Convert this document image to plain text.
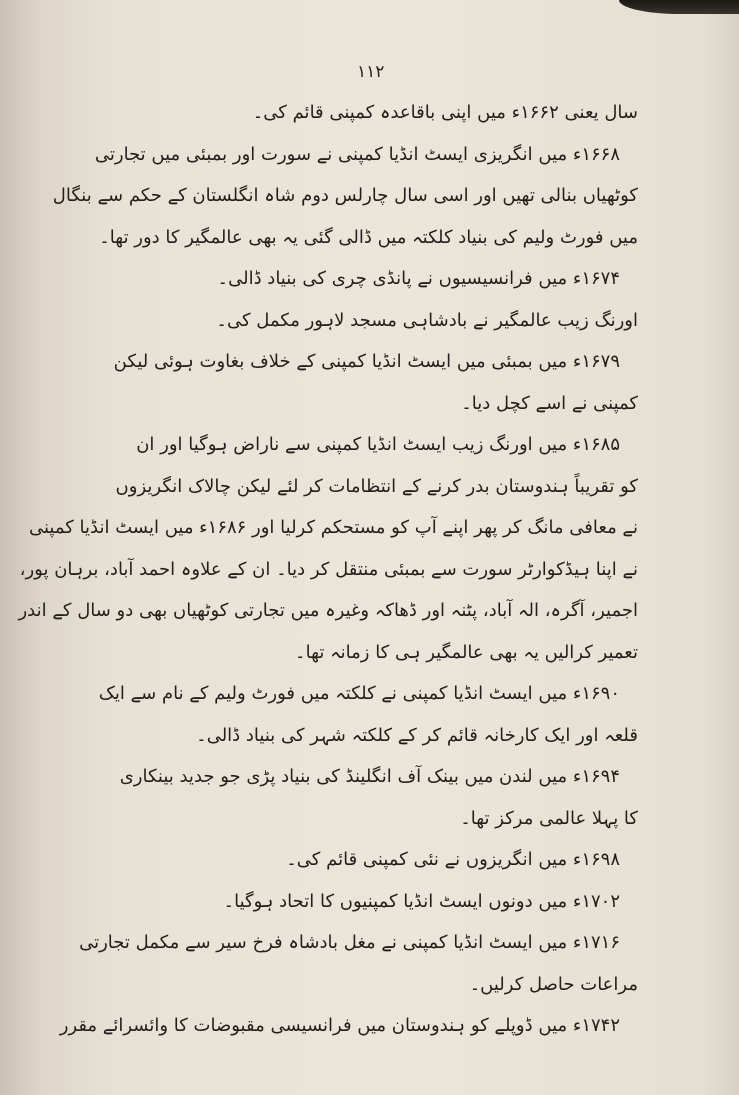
۱۱۲
سال یعنی ۱۶۶۲ء میں اپنی باقاعدہ کمپنی قائم کی۔
۱۶۶۸ء میں انگریزی ایسٹ انڈیا کمپنی نے سورت اور بمبئی میں تجارتی
کوٹھیاں بنالی تھیں اور اسی سال چارلس دوم شاہ انگلستان کے حکم سے بنگال
میں فورٹ ولیم کی بنیاد کلکتہ میں ڈالی گئی یہ بھی عالمگیر کا دور تھا۔
۱۶۷۴ء میں فرانسیسیوں نے پانڈی چری کی بنیاد ڈالی۔
اورنگ زیب عالمگیر نے بادشاہی مسجد لاہور مکمل کی۔
۱۶۷۹ء میں بمبئی میں ایسٹ انڈیا کمپنی کے خلاف بغاوت ہوئی لیکن
کمپنی نے اسے کچل دیا۔
۱۶۸۵ء میں اورنگ زیب ایسٹ انڈیا کمپنی سے ناراض ہوگیا اور ان
کو تقریباً ہندوستان بدر کرنے کے انتظامات کر لئے لیکن چالاک انگریزوں
نے معافی مانگ کر پھر اپنے آپ کو مستحکم کرلیا اور ۱۶۸۶ء میں ایسٹ انڈیا کمپنی
نے اپنا ہیڈکوارٹر سورت سے بمبئی منتقل کر دیا۔ ان کے علاوہ احمد آباد، برہان پور،
اجمیر، آگرہ، الہ آباد، پٹنہ اور ڈھاکہ وغیرہ میں تجارتی کوٹھیاں بھی دو سال کے اندر
تعمیر کرالیں یہ بھی عالمگیر ہی کا زمانہ تھا۔
۱۶۹۰ء میں ایسٹ انڈیا کمپنی نے کلکتہ میں فورٹ ولیم کے نام سے ایک
قلعہ اور ایک کارخانہ قائم کر کے کلکتہ شہر کی بنیاد ڈالی۔
۱۶۹۴ء میں لندن میں بینک آف انگلینڈ کی بنیاد پڑی جو جدید بینکاری
کا پہلا عالمی مرکز تھا۔
۱۶۹۸ء میں انگریزوں نے نئی کمپنی قائم کی۔
۱۷۰۲ء میں دونوں ایسٹ انڈیا کمپنیوں کا اتحاد ہوگیا۔
۱۷۱۶ء میں ایسٹ انڈیا کمپنی نے مغل بادشاہ فرخ سیر سے مکمل تجارتی
مراعات حاصل کرلیں۔
۱۷۴۲ء میں ڈوپلے کو ہندوستان میں فرانسیسی مقبوضات کا وائسرائے مقرر
